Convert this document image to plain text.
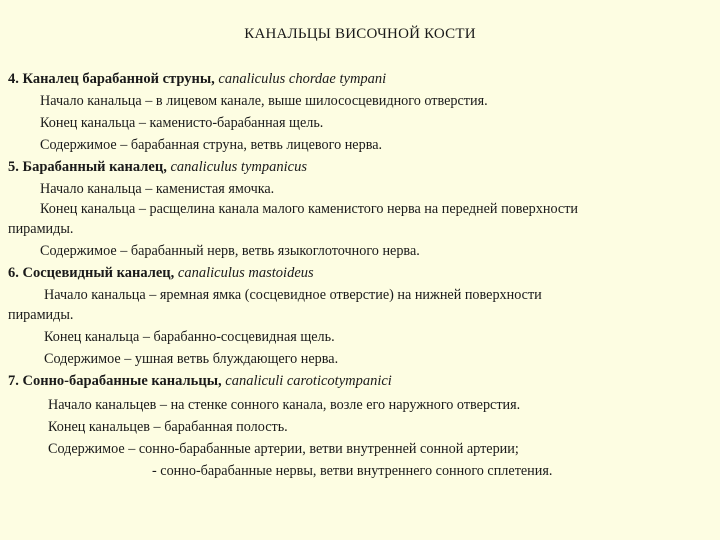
КАНАЛЬЦЫ ВИСОЧНОЙ КОСТИ
4. Каналец барабанной струны, canaliculus chordae tympani
Начало канальца – в лицевом канале, выше шилососцевидного отверстия.
Конец канальца – каменисто-барабанная щель.
Содержимое – барабанная струна, ветвь лицевого нерва.
5. Барабанный каналец, canaliculus tympanicus
Начало канальца – каменистая ямочка.
Конец канальца – расщелина канала малого каменистого нерва на передней поверхности
пирамиды.
Содержимое – барабанный нерв, ветвь языкоглоточного нерва.
6. Сосцевидный каналец, canaliculus mastoideus
Начало канальца – яремная ямка (сосцевидное отверстие) на нижней поверхности
пирамиды.
Конец канальца – барабанно-сосцевидная щель.
Содержимое – ушная ветвь блуждающего нерва.
7. Сонно-барабанные канальцы, canaliculi caroticotympanici
Начало канальцев – на стенке сонного канала, возле его наружного отверстия.
Конец канальцев – барабанная полость.
Содержимое – сонно-барабанные артерии, ветви внутренней сонной артерии;
- сонно-барабанные нервы, ветви внутреннего сонного сплетения.
